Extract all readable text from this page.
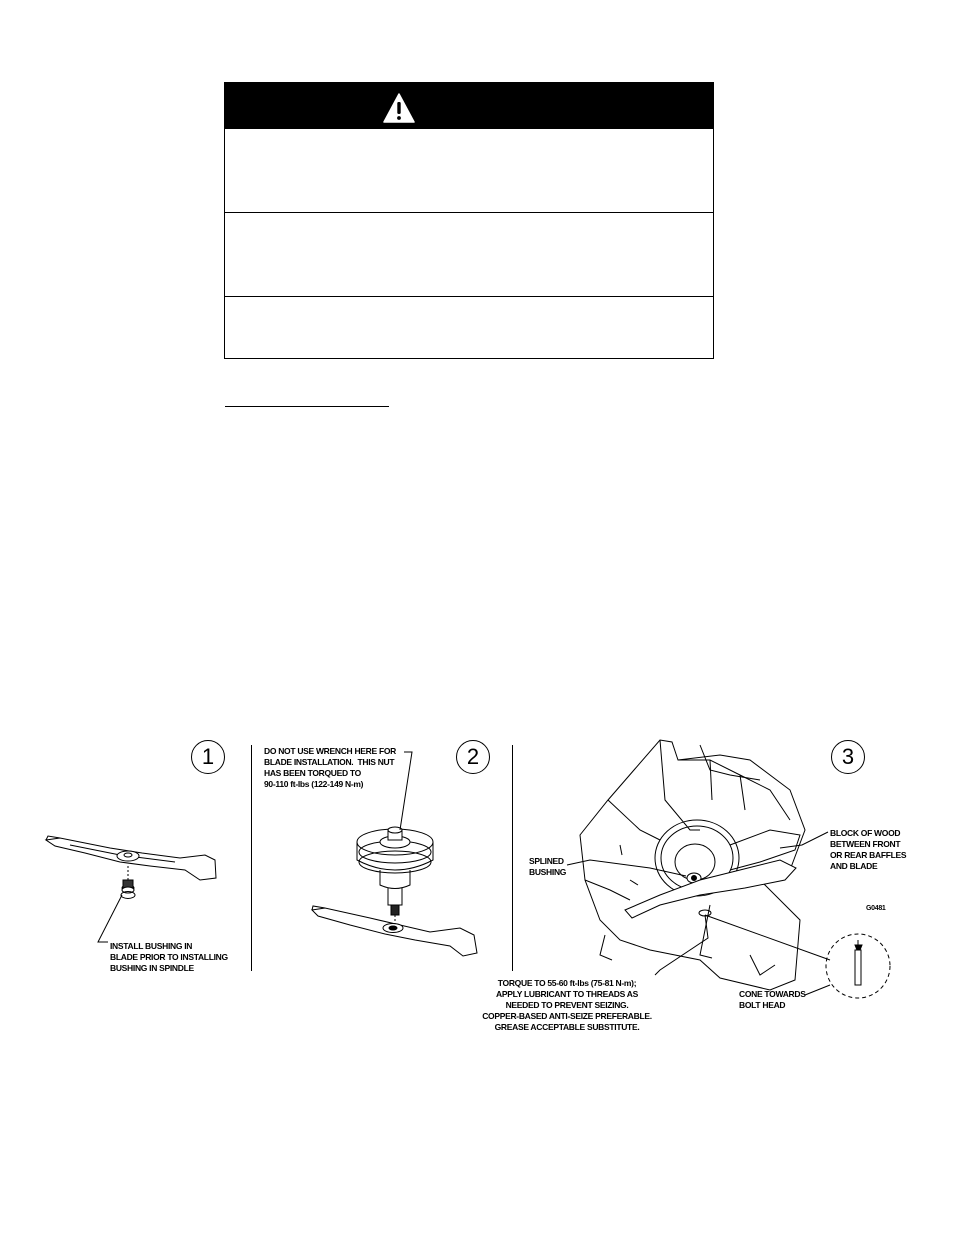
1	2	3
INSTALL BUSHING IN
BLADE PRIOR TO INSTALLING
BUSHING IN SPINDLE
DO NOT USE WRENCH HERE FOR
BLADE INSTALLATION.  THIS NUT
HAS BEEN TORQUED TO
90-110 ft-lbs (122-149 N-m)
SPLINED
BUSHING
BLOCK OF WOOD
BETWEEN FRONT
OR REAR BAFFLES
AND BLADE
G0481
TORQUE TO 55-60 ft-lbs (75-81 N-m);
APPLY LUBRICANT TO THREADS AS
NEEDED TO PREVENT SEIZING.
COPPER-BASED ANTI-SEIZE PREFERABLE.
GREASE ACCEPTABLE SUBSTITUTE.
CONE TOWARDS
BOLT HEAD
